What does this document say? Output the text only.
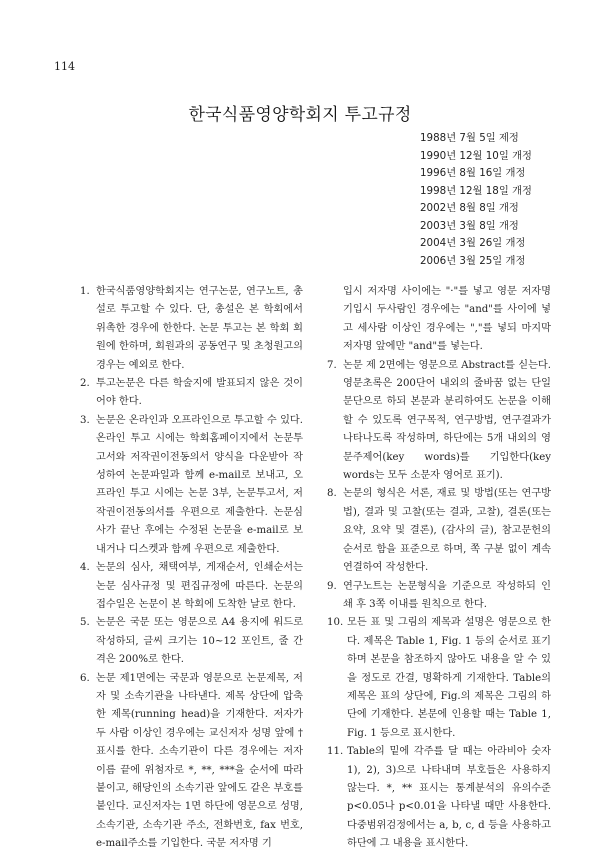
114
한국식품영양학회지 투고규정
1988년 7월 5일 제정
1990년 12월 10일 개정
1996년 8월 16일 개정
1998년 12월 18일 개정
2002년 8월 8일 개정
2003년 3월 8일 개정
2004년 3월 26일 개정
2006년 3월 25일 개정

1. 한국식품영양학회지는 연구논문, 연구노트, 총설로 투고할 수 있다. 단, 총설은 본 학회에서 위촉한 경우에 한한다. 논문 투고는 본 학회 회원에 한하며, 회원과의 공동연구 및 초청원고의 경우는 예외로 한다.

2. 투고논문은 다른 학술지에 발표되지 않은 것이어야 한다.

3. 논문은 온라인과 오프라인으로 투고할 수 있다. 온라인 투고 시에는 학회홈페이지에서 논문투고서와 저작권이전동의서 양식을 다운받아 작성하여 논문파일과 함께 e-mail로 보내고, 오프라인 투고 시에는 논문 3부, 논문투고서, 저작권이전동의서를 우편으로 제출한다. 논문심사가 끝난 후에는 수정된 논문을 e-mail로 보내거나 디스켓과 함께 우편으로 제출한다.

4. 논문의 심사, 채택여부, 게재순서, 인쇄순서는 논문 심사규정 및 편집규정에 따른다. 논문의 접수일은 논문이 본 학회에 도착한 날로 한다.

5. 논문은 국문 또는 영문으로 A4 용지에 워드로 작성하되, 글씨 크기는 10~12 포인트, 줄 간격은 200%로 한다.

6. 논문 제1면에는 국문과 영문으로 논문제목, 저자 및 소속기관을 나타낸다. 제목 상단에 압축한 제목(running head)을 기재한다. 저자가 두 사람 이상인 경우에는 교신저자 성명 앞에 † 표시를 한다. 소속기관이 다른 경우에는 저자 이름 끝에 위첨자로 *, **, ***을 순서에 따라 붙이고, 해당인의 소속기관 앞에도 같은 부호를 붙인다. 교신저자는 1면 하단에 영문으로 성명, 소속기관, 소속기관 주소, 전화번호, fax 번호, e-mail주소를 기입한다. 국문 저자명 기

입시 저자명 사이에는 "·"를 넣고 영문 저자명 기입시 두사람인 경우에는 "and"를 사이에 넣고 세사람 이상인 경우에는 ","를 넣되 마지막 저자명 앞에만 "and"를 넣는다.

7. 논문 제 2면에는 영문으로 Abstract를 싣는다. 영문초록은 200단어 내외의 줄바꿈 없는 단일 문단으로 하되 본문과 분리하여도 논문을 이해할 수 있도록 연구목적, 연구방법, 연구결과가 나타나도록 작성하며, 하단에는 5개 내외의 영문주제어(key words)를 기입한다(key words는 모두 소문자 영어로 표기).

8. 논문의 형식은 서론, 재료 및 방법(또는 연구방법), 결과 및 고찰(또는 결과, 고찰), 결론(또는 요약, 요약 및 결론), (감사의 글), 참고문헌의 순서로 함을 표준으로 하며, 쪽 구분 없이 계속 연결하여 작성한다.

9. 연구노트는 논문형식을 기준으로 작성하되 인쇄 후 3쪽 이내를 원칙으로 한다.

10. 모든 표 및 그림의 제목과 설명은 영문으로 한다. 제목은 Table 1, Fig. 1 등의 순서로 표기하며 본문을 참조하지 않아도 내용을 알 수 있을 정도로 간결, 명확하게 기재한다. Table의 제목은 표의 상단에, Fig.의 제목은 그림의 하단에 기재한다. 본문에 인용할 때는 Table 1, Fig. 1 등으로 표시한다.

11. Table의 밑에 각주를 달 때는 아라비아 숫자 1), 2), 3)으로 나타내며 부호들은 사용하지 않는다. *, ** 표시는 통계분석의 유의수준 p<0.05나 p<0.01을 나타낼 때만 사용한다. 다중범위검정에서는 a, b, c, d 등을 사용하고 하단에 그 내용을 표시한다.
